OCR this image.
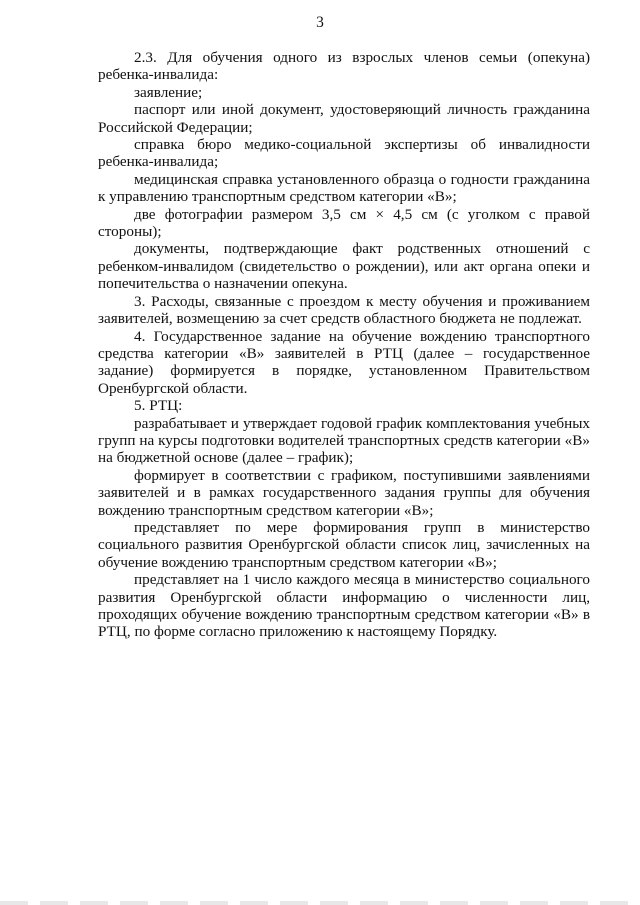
3

2.3. Для обучения одного из взрослых членов семьи (опекуна) ребенка-инвалида:

заявление;

паспорт или иной документ, удостоверяющий личность гражданина Российской Федерации;

справка бюро медико-социальной экспертизы об инвалидности ребенка-инвалида;

медицинская справка установленного образца о годности гражданина к управлению транспортным средством категории «В»;

две фотографии размером 3,5 см × 4,5 см (с уголком с правой стороны);

документы, подтверждающие факт родственных отношений с ребенком-инвалидом (свидетельство о рождении), или акт органа опеки и попечительства о назначении опекуна.

3. Расходы, связанные с проездом к месту обучения и проживанием заявителей, возмещению за счет средств областного бюджета не подлежат.

4. Государственное задание на обучение вождению транспортного средства категории «В» заявителей в РТЦ (далее – государственное задание) формируется в порядке, установленном Правительством Оренбургской области.

5. РТЦ:

разрабатывает и утверждает годовой график комплектования учебных групп на курсы подготовки водителей транспортных средств категории «В» на бюджетной основе (далее – график);

формирует в соответствии с графиком, поступившими заявлениями заявителей и в рамках государственного задания группы для обучения вождению транспортным средством категории «В»;

представляет по мере формирования групп в министерство социального развития Оренбургской области список лиц, зачисленных на обучение вождению транспортным средством категории «В»;

представляет на 1 число каждого месяца в министерство социального развития Оренбургской области информацию о численности лиц, проходящих обучение вождению транспортным средством категории «В» в РТЦ, по форме согласно приложению к настоящему Порядку.
